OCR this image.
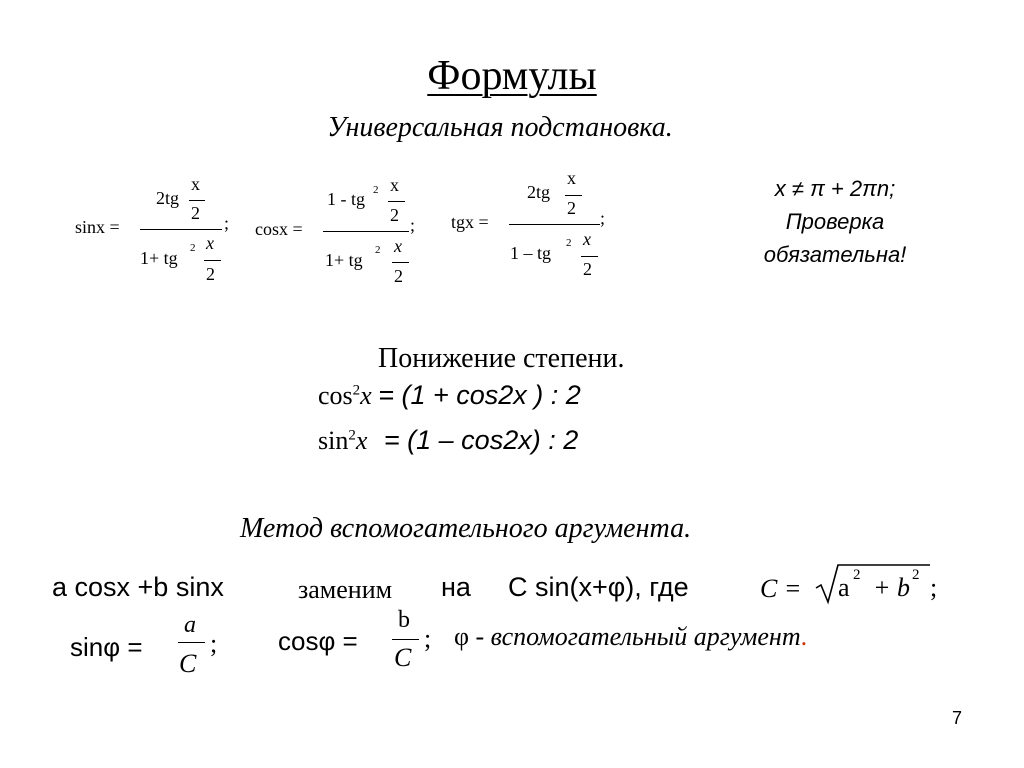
Формулы
Универсальная подстановка.
sinx =
2tg
x
2
1+ tg 2 x
2
; cosx =
1 - tg 2 x
2
1+ tg 2 x
2
; tgx =
2tg
x
2
1 – tg 2 x
2
;
x ≠ π + 2πn;
Проверка
обязательна!
Понижение степени.
$\cos^2x = (1 + \cos 2x$ ) : 2
$\sin^2x = (1 - \cos 2x)$ : 2
Метод вспомогательного аргумента.
a cosx +b sinx	заменим на C sin(x+φ), где	C = a 2 + b 2 ;
sinφ =
a
C
; cosφ =
b
C
; φ - вспомогательный аргумент.
7
